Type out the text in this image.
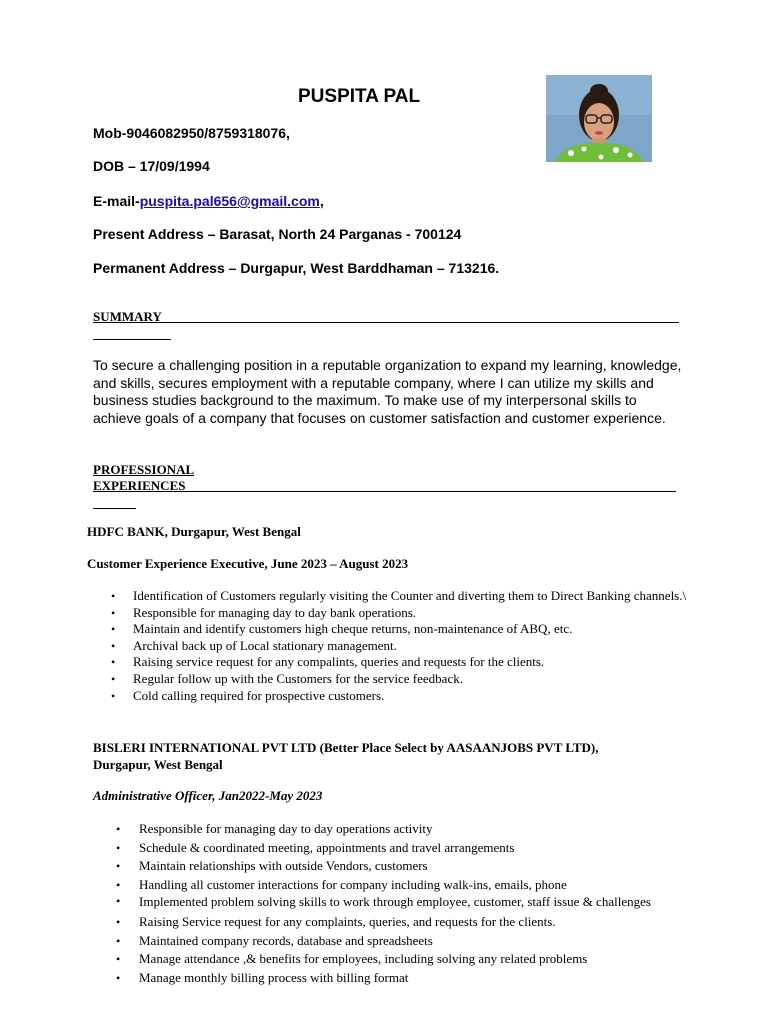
PUSPITA PAL
Mob-9046082950/8759318076,
DOB – 17/09/1994
E-mail-puspita.pal656@gmail.com,
Present Address – Barasat, North 24 Parganas - 700124
Permanent Address – Durgapur, West Barddhaman – 713216.
SUMMARY
To secure a challenging position in a reputable organization to expand my learning, knowledge, and skills, secures employment with a reputable company, where I can utilize my skills and business studies background to the maximum. To make use of my interpersonal skills to achieve goals of a company that focuses on customer satisfaction and customer experience.
PROFESSIONAL
EXPERIENCES
HDFC BANK, Durgapur, West Bengal
Customer Experience Executive, June 2023 – August 2023
• Identification of Customers regularly visiting the Counter and diverting them to Direct Banking channels.\
• Responsible for managing day to day bank operations.
• Maintain and identify customers high cheque returns, non-maintenance of ABQ, etc.
• Archival back up of Local stationary management.
• Raising service request for any compalints, queries and requests for the clients.
• Regular follow up with the Customers for the service feedback.
• Cold calling required for prospective customers.
BISLERI INTERNATIONAL PVT LTD (Better Place Select by AASAANJOBS PVT LTD),
Durgapur, West Bengal
Administrative Officer, Jan2022-May 2023
• Responsible for managing day to day operations activity
• Schedule & coordinated meeting, appointments and travel arrangements
• Maintain relationships with outside Vendors, customers
• Handling all customer interactions for company including walk-ins, emails, phone
• Implemented problem solving skills to work through employee, customer, staff issue & challenges
• Raising Service request for any complaints, queries, and requests for the clients.
• Maintained company records, database and spreadsheets
• Manage attendance ,& benefits for employees, including solving any related problems
• Manage monthly billing process with billing format
